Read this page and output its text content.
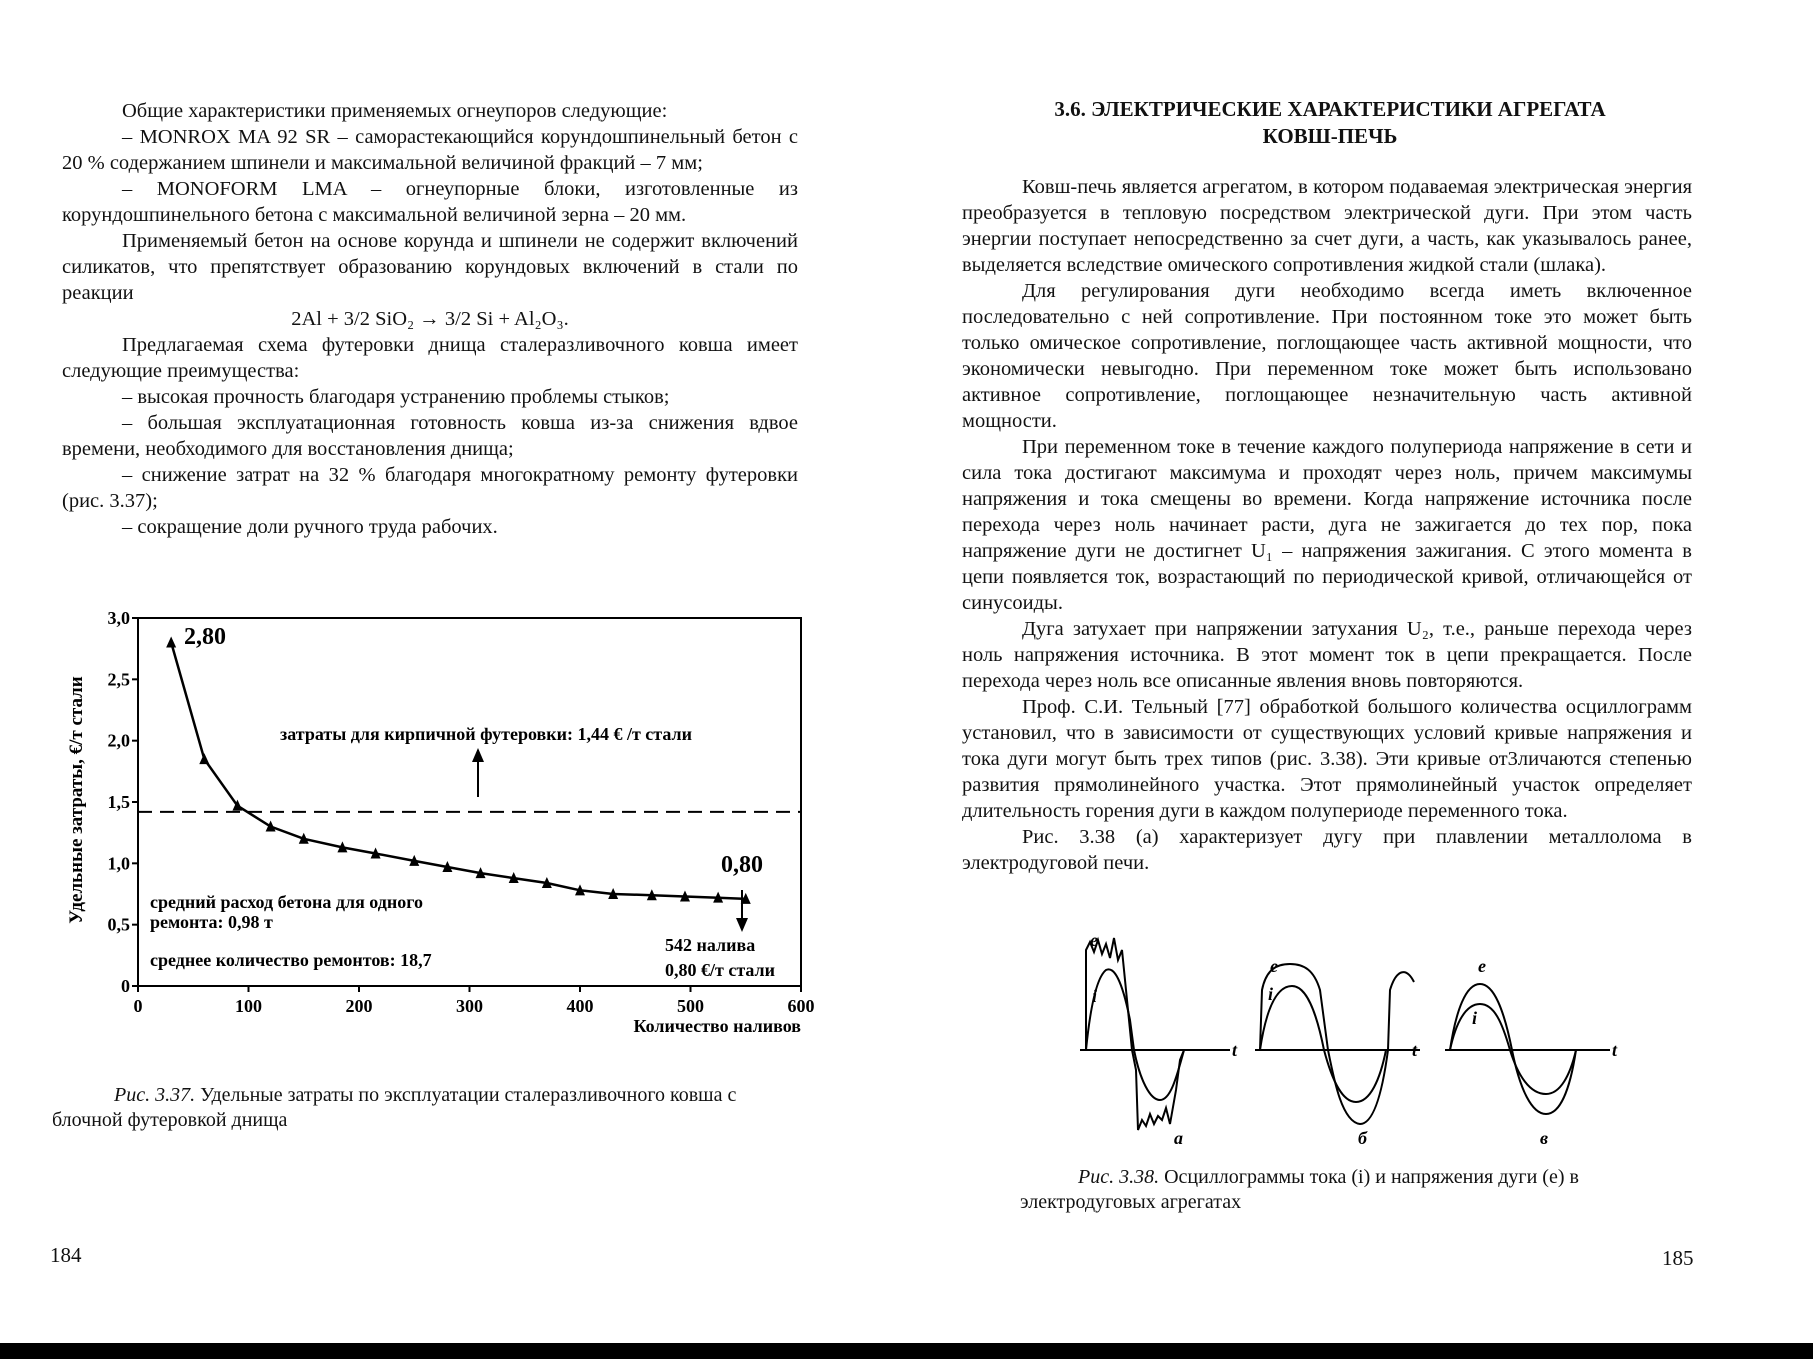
Общие характеристики применяемых огнеупоров следующие:

– MONROX MA 92 SR – саморастекающийся корундошпинельный бетон с 20 % содержанием шпинели и максимальной величиной фракций – 7 мм;

– MONOFORM LMA – огнеупорные блоки, изготовленные из корундошпинельного бетона с максимальной величиной зерна – 20 мм.

Применяемый бетон на основе корунда и шпинели не содержит включений силикатов, что препятствует образованию корундовых включений в стали по реакции

2Al + 3/2 SiO₂ → 3/2 Si + Al₂O₃.

Предлагаемая схема футеровки днища сталеразливочного ковша имеет следующие преимущества:

– высокая прочность благодаря устранению проблемы стыков;

– большая эксплуатационная готовность ковша из-за снижения вдвое времени, необходимого для восстановления днища;

– снижение затрат на 32 % благодаря многократному ремонту футеровки (рис. 3.37);

– сокращение доли ручного труда рабочих.

0
0,5
1,0
1,5
2,0
2,5
3,0
0	100	200	300	400	500	600
Удельные затраты, €/т стали
Количество наливов
2,80
0,80
затраты для кирпичной футеровки: 1,44 € /т стали
средний расход бетона для одного
ремонта: 0,98 т
среднее количество ремонтов: 18,7
542 налива
0,80 €/т стали
Рис. 3.37. Удельные затраты по эксплуатации сталеразливочного ковша с блочной футеровкой днища
184
3.6. ЭЛЕКТРИЧЕСКИЕ ХАРАКТЕРИСТИКИ АГРЕГАТА
КОВШ-ПЕЧЬ

Ковш-печь является агрегатом, в котором подаваемая электрическая энергия преобразуется в тепловую посредством электрической дуги. При этом часть энергии поступает непосредственно за счет дуги, а часть, как указывалось ранее, выделяется вследствие омического сопротивления жидкой стали (шлака).

Для регулирования дуги необходимо всегда иметь включенное последовательно с ней сопротивление. При постоянном токе это может быть только омическое сопротивление, поглощающее часть активной мощности, что экономически невыгодно. При переменном токе может быть использовано активное сопротивление, поглощающее незначительную часть активной мощности.

При переменном токе в течение каждого полупериода напряжение в сети и сила тока достигают максимума и проходят через ноль, причем максимумы напряжения и тока смещены во времени. Когда напряжение источника после перехода через ноль начинает расти, дуга не зажигается до тех пор, пока напряжение дуги не достигнет U₁ – напряжения зажигания. С этого момента в цепи появляется ток, возрастающий по периодической кривой, отличающейся от синусоиды.

Дуга затухает при напряжении затухания U₂, т.е., раньше перехода через ноль напряжения источника. В этот момент ток в цепи прекращается. После перехода через ноль все описанные явления вновь повторяются.

Проф. С.И. Тельный [77] обработкой большого количества осциллограмм установил, что в зависимости от существующих условий кривые напряжения и тока дуги могут быть трех типов (рис. 3.38). Эти кривые от3личаются степенью развития прямолинейного участка. Этот прямолинейный участок определяет длительность горения дуги в каждом полупериоде переменного тока.

Рис. 3.38 (а) характеризует дугу при плавлении металлолома в электродуговой печи.

e
i
t
а
e
i
t
б
e
i
t
в
Рис. 3.38. Осциллограммы тока (i) и напряжения дуги (e) в электродуговых агрегатах
185
